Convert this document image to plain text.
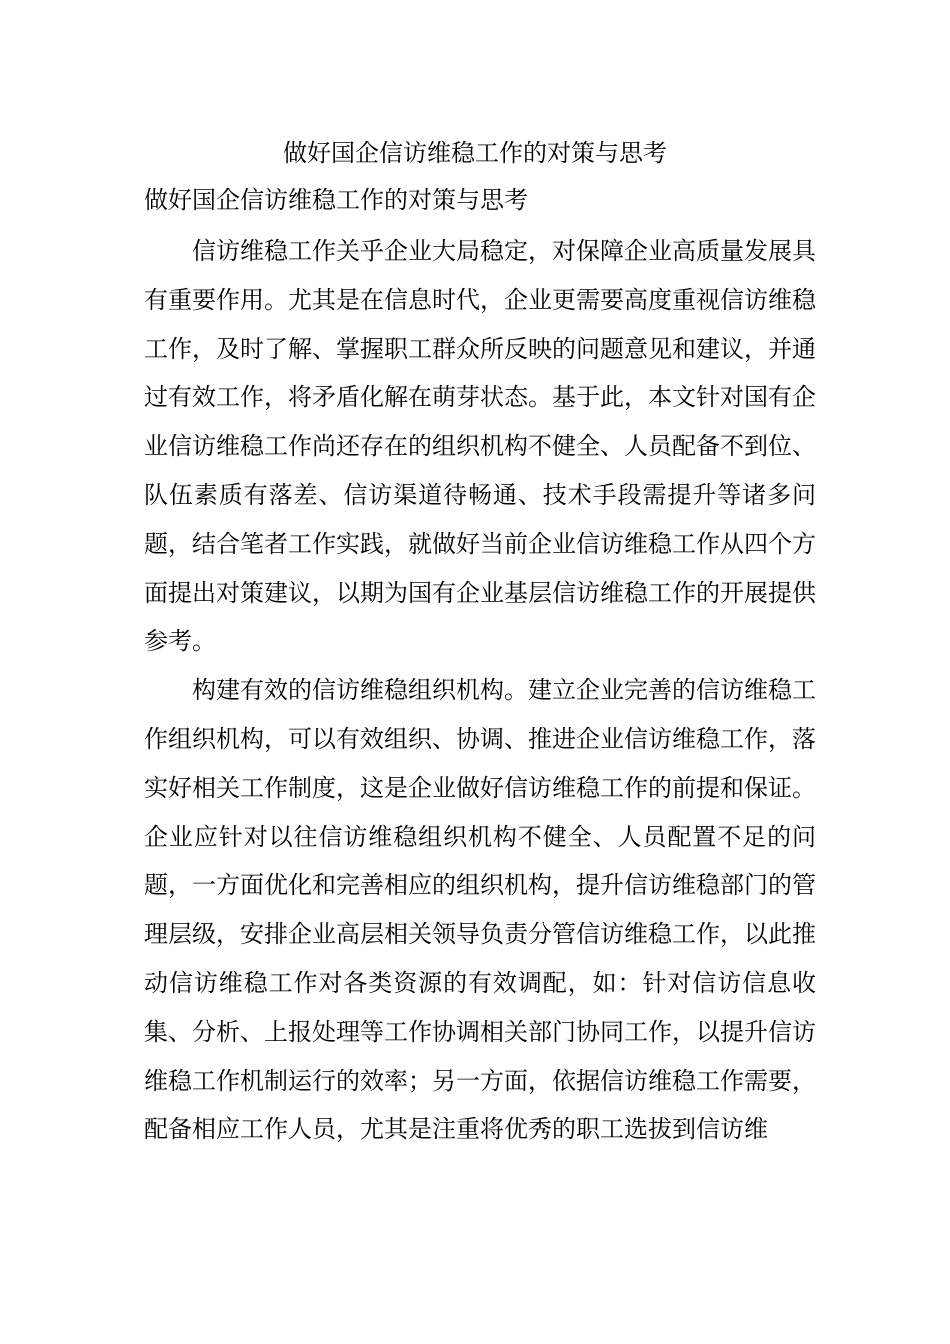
做好国企信访维稳工作的对策与思考
做好国企信访维稳工作的对策与思考

信访维稳工作关乎企业大局稳定，对保障企业高质量发展具有重要作用。尤其是在信息时代，企业更需要高度重视信访维稳工作，及时了解、掌握职工群众所反映的问题意见和建议，并通过有效工作，将矛盾化解在萌芽状态。基于此，本文针对国有企业信访维稳工作尚还存在的组织机构不健全、人员配备不到位、队伍素质有落差、信访渠道待畅通、技术手段需提升等诸多问题，结合笔者工作实践，就做好当前企业信访维稳工作从四个方面提出对策建议，以期为国有企业基层信访维稳工作的开展提供参考。

构建有效的信访维稳组织机构。建立企业完善的信访维稳工作组织机构，可以有效组织、协调、推进企业信访维稳工作，落实好相关工作制度，这是企业做好信访维稳工作的前提和保证。企业应针对以往信访维稳组织机构不健全、人员配置不足的问题，一方面优化和完善相应的组织机构，提升信访维稳部门的管理层级，安排企业高层相关领导负责分管信访维稳工作，以此推动信访维稳工作对各类资源的有效调配，如：针对信访信息收集、分析、上报处理等工作协调相关部门协同工作，以提升信访维稳工作机制运行的效率；另一方面，依据信访维稳工作需要，配备相应工作人员，尤其是注重将优秀的职工选拔到信访维
